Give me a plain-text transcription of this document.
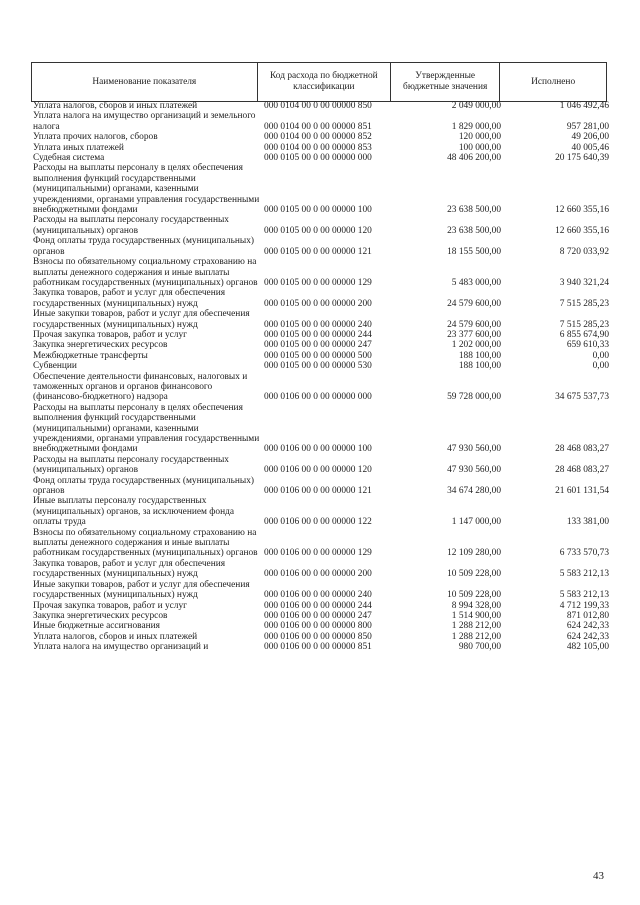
Наименование показателя	Код расхода по бюджетной классификации	Утвержденные бюджетные значения	Исполнено
Уплата налогов, сборов и иных платежей	000 0104 00 0 00 00000 850	2 049 000,00	1 046 492,46
Уплата налога на имущество организаций и земельного налога	000 0104 00 0 00 00000 851	1 829 000,00	957 281,00
Уплата прочих налогов, сборов	000 0104 00 0 00 00000 852	120 000,00	49 206,00
Уплата иных платежей	000 0104 00 0 00 00000 853	100 000,00	40 005,46
Судебная система	000 0105 00 0 00 00000 000	48 406 200,00	20 175 640,39
Расходы на выплаты персоналу в целях обеспечения выполнения функций государственными (муниципальными) органами, казенными учреждениями, органами управления государственными внебюджетными фондами	000 0105 00 0 00 00000 100	23 638 500,00	12 660 355,16
Расходы на выплаты персоналу государственных (муниципальных) органов	000 0105 00 0 00 00000 120	23 638 500,00	12 660 355,16
Фонд оплаты труда государственных (муниципальных) органов	000 0105 00 0 00 00000 121	18 155 500,00	8 720 033,92
Взносы по обязательному социальному страхованию на выплаты денежного содержания и иные выплаты работникам государственных (муниципальных) органов 000 0105 00 0 00 00000 129	5 483 000,00	3 940 321,24
Закупка товаров, работ и услуг для обеспечения государственных (муниципальных) нужд	000 0105 00 0 00 00000 200	24 579 600,00	7 515 285,23
Иные закупки товаров, работ и услуг для обеспечения государственных (муниципальных) нужд	000 0105 00 0 00 00000 240	24 579 600,00	7 515 285,23
Прочая закупка товаров, работ и услуг	000 0105 00 0 00 00000 244	23 377 600,00	6 855 674,90
Закупка энергетических ресурсов	000 0105 00 0 00 00000 247	1 202 000,00	659 610,33
Межбюджетные трансферты	000 0105 00 0 00 00000 500	188 100,00	0,00
Субвенции	000 0105 00 0 00 00000 530	188 100,00	0,00
Обеспечение деятельности финансовых, налоговых и таможенных органов и органов финансового (финансово-бюджетного) надзора	000 0106 00 0 00 00000 000	59 728 000,00	34 675 537,73
Расходы на выплаты персоналу в целях обеспечения выполнения функций государственными (муниципальными) органами, казенными учреждениями, органами управления государственными внебюджетными фондами	000 0106 00 0 00 00000 100	47 930 560,00	28 468 083,27
Расходы на выплаты персоналу государственных (муниципальных) органов	000 0106 00 0 00 00000 120	47 930 560,00	28 468 083,27
Фонд оплаты труда государственных (муниципальных) органов	000 0106 00 0 00 00000 121	34 674 280,00	21 601 131,54
Иные выплаты персоналу государственных (муниципальных) органов, за исключением фонда оплаты труда	000 0106 00 0 00 00000 122	1 147 000,00	133 381,00
Взносы по обязательному социальному страхованию на выплаты денежного содержания и иные выплаты работникам государственных (муниципальных) органов 000 0106 00 0 00 00000 129	12 109 280,00	6 733 570,73
Закупка товаров, работ и услуг для обеспечения государственных (муниципальных) нужд	000 0106 00 0 00 00000 200	10 509 228,00	5 583 212,13
Иные закупки товаров, работ и услуг для обеспечения государственных (муниципальных) нужд	000 0106 00 0 00 00000 240	10 509 228,00	5 583 212,13
Прочая закупка товаров, работ и услуг	000 0106 00 0 00 00000 244	8 994 328,00	4 712 199,33
Закупка энергетических ресурсов	000 0106 00 0 00 00000 247	1 514 900,00	871 012,80
Иные бюджетные ассигнования	000 0106 00 0 00 00000 800	1 288 212,00	624 242,33
Уплата налогов, сборов и иных платежей	000 0106 00 0 00 00000 850	1 288 212,00	624 242,33
Уплата налога на имущество организаций и	000 0106 00 0 00 00000 851	980 700,00	482 105,00
43
